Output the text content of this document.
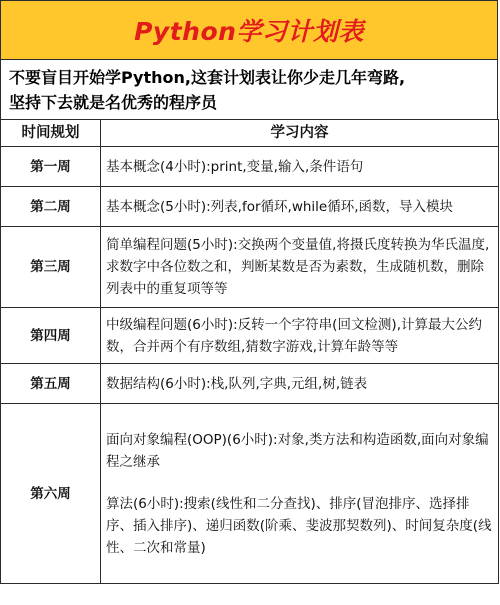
Python学习计划表
不要盲目开始学Python,这套计划表让你少走几年弯路,
坚持下去就是名优秀的程序员
时间规划	学习内容
第一周	基本概念(4小时):print,变量,输入,条件语句

第二周	基本概念(5小时):列表,for循环,while循环,函数，导入模块

第三周	简单编程问题(5小时):交换两个变量值,将摄氏度转换为华氏温度,求数字中各位数之和，判断某数是否为素数，生成随机数，删除列表中的重复项等等

第四周	中级编程问题(6小时):反转一个字符串(回文检测),计算最大公约数，合并两个有序数组,猜数字游戏,计算年龄等等

第五周	数据结构(6小时):栈,队列,字典,元组,树,链表

第六周	面向对象编程(OOP)(6小时):对象,类方法和构造函数,面向对象编程之继承
算法(6小时):搜索(线性和二分查找)、排序(冒泡排序、选择排序、插入排序)、递归函数(阶乘、斐波那契数列)、时间复杂度(线性、二次和常量)
